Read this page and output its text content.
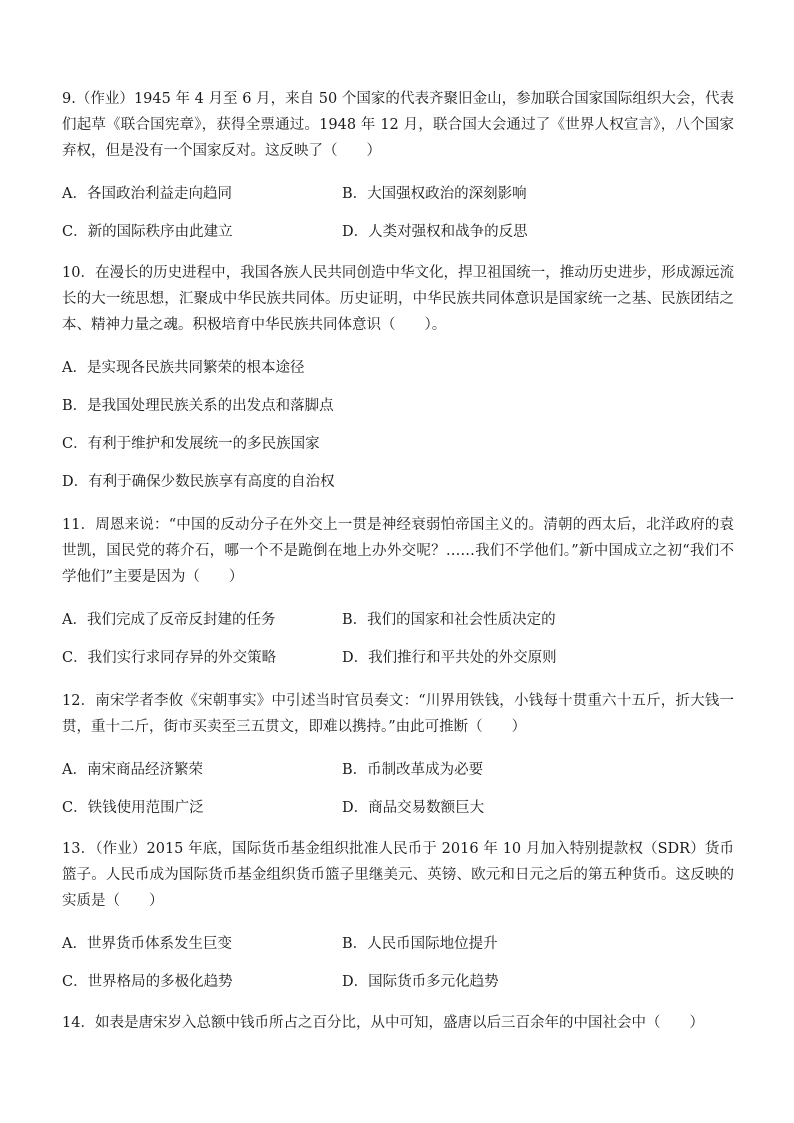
9.（作业）1945 年 4 月至 6 月，来自 50 个国家的代表齐聚旧金山，参加联合国家国际组织大会，代表们起草《联合国宪章》，获得全票通过。1948 年 12 月，联合国大会通过了《世界人权宣言》，八个国家弃权，但是没有一个国家反对。这反映了（　　）

A．各国政治利益走向趋同	B．大国强权政治的深刻影响
C．新的国际秩序由此建立	D．人类对强权和战争的反思

10．在漫长的历史进程中，我国各族人民共同创造中华文化，捍卫祖国统一，推动历史进步，形成源远流长的大一统思想，汇聚成中华民族共同体。历史证明，中华民族共同体意识是国家统一之基、民族团结之本、精神力量之魂。积极培育中华民族共同体意识（　　）。

A．是实现各民族共同繁荣的根本途径
B．是我国处理民族关系的出发点和落脚点
C．有利于维护和发展统一的多民族国家
D．有利于确保少数民族享有高度的自治权

11．周恩来说：“中国的反动分子在外交上一贯是神经衰弱怕帝国主义的。清朝的西太后，北洋政府的袁世凯，国民党的蒋介石，哪一个不是跪倒在地上办外交呢？……我们不学他们。”新中国成立之初“我们不学他们”主要是因为（　　）

A．我们完成了反帝反封建的任务	B．我们的国家和社会性质决定的
C．我们实行求同存异的外交策略	D．我们推行和平共处的外交原则

12．南宋学者李攸《宋朝事实》中引述当时官员奏文：“川界用铁钱，小钱每十贯重六十五斤，折大钱一贯，重十二斤，街市买卖至三五贯文，即难以携持。”由此可推断（　　）

A．南宋商品经济繁荣	B．币制改革成为必要
C．铁钱使用范围广泛	D．商品交易数额巨大

13．（作业）2015 年底，国际货币基金组织批准人民币于 2016 年 10 月加入特别提款权（SDR）货币篮子。人民币成为国际货币基金组织货币篮子里继美元、英镑、欧元和日元之后的第五种货币。这反映的实质是（　　）

A．世界货币体系发生巨变	B．人民币国际地位提升
C．世界格局的多极化趋势	D．国际货币多元化趋势

14．如表是唐宋岁入总额中钱币所占之百分比，从中可知，盛唐以后三百余年的中国社会中（　　）
